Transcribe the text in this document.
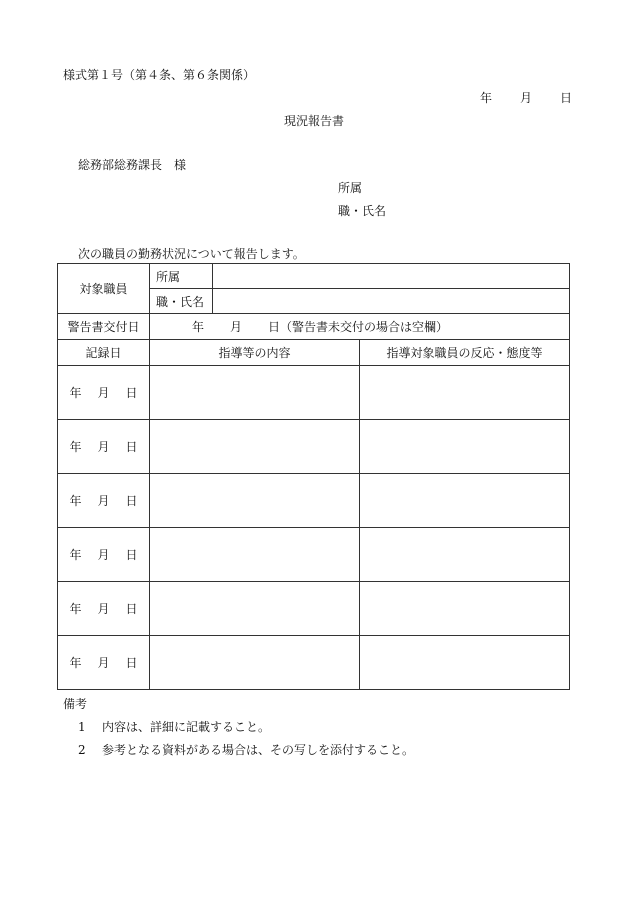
様式第１号（第４条、第６条関係）
年 月 日
現況報告書
総務部総務課長　様
所属
職・氏名
次の職員の勤務状況について報告します。
対象職員	所属		
	職・氏名		
警告書交付日	年 月 日（警告書未交付の場合は空欄）		
記録日	指導等の内容		指導対象職員の反応・態度等
年 月 日			
年 月 日			
年 月 日			
年 月 日			
年 月 日			
年 月 日			
備考
1 内容は、詳細に記載すること。
2 参考となる資料がある場合は、その写しを添付すること。
